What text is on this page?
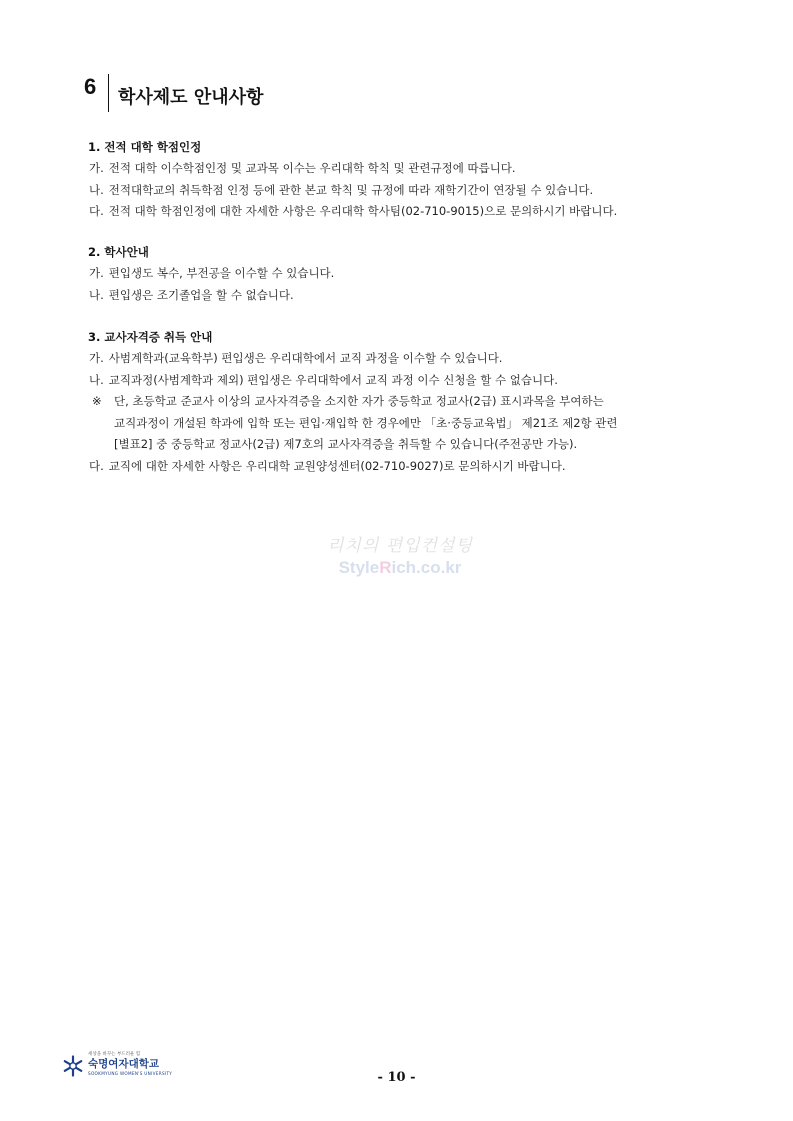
6 학사제도 안내사항
1. 전적 대학 학점인정
가. 전적 대학 이수학점인정 및 교과목 이수는 우리대학 학칙 및 관련규정에 따릅니다.
나. 전적대학교의 취득학점 인정 등에 관한 본교 학칙 및 규정에 따라 재학기간이 연장될 수 있습니다.
다. 전적 대학 학점인정에 대한 자세한 사항은 우리대학 학사팀(02-710-9015)으로 문의하시기 바랍니다.
2. 학사안내
가. 편입생도 복수, 부전공을 이수할 수 있습니다.
나. 편입생은 조기졸업을 할 수 없습니다.
3. 교사자격증 취득 안내
가. 사범계학과(교육학부) 편입생은 우리대학에서 교직 과정을 이수할 수 있습니다.
나. 교직과정(사범계학과 제외) 편입생은 우리대학에서 교직 과정 이수 신청을 할 수 없습니다.
※	단, 초등학교 준교사 이상의 교사자격증을 소지한 자가 중등학교 정교사(2급) 표시과목을 부여하는
교직과정이 개설된 학과에 입학 또는 편입·재입학 한 경우에만 「초·중등교육법」 제21조 제2항 관련
[별표2] 중 중등학교 정교사(2급) 제7호의 교사자격증을 취득할 수 있습니다(주전공만 가능).
다. 교직에 대한 자세한 사항은 우리대학 교원양성센터(02-710-9027)로 문의하시기 바랍니다.
리치의 편입컨설팅
StyleRich.co.kr
세상을 바꾸는 부드러운 힘
숙명여자대학교
SOOKMYUNG WOMEN'S UNIVERSITY	- 10 -
